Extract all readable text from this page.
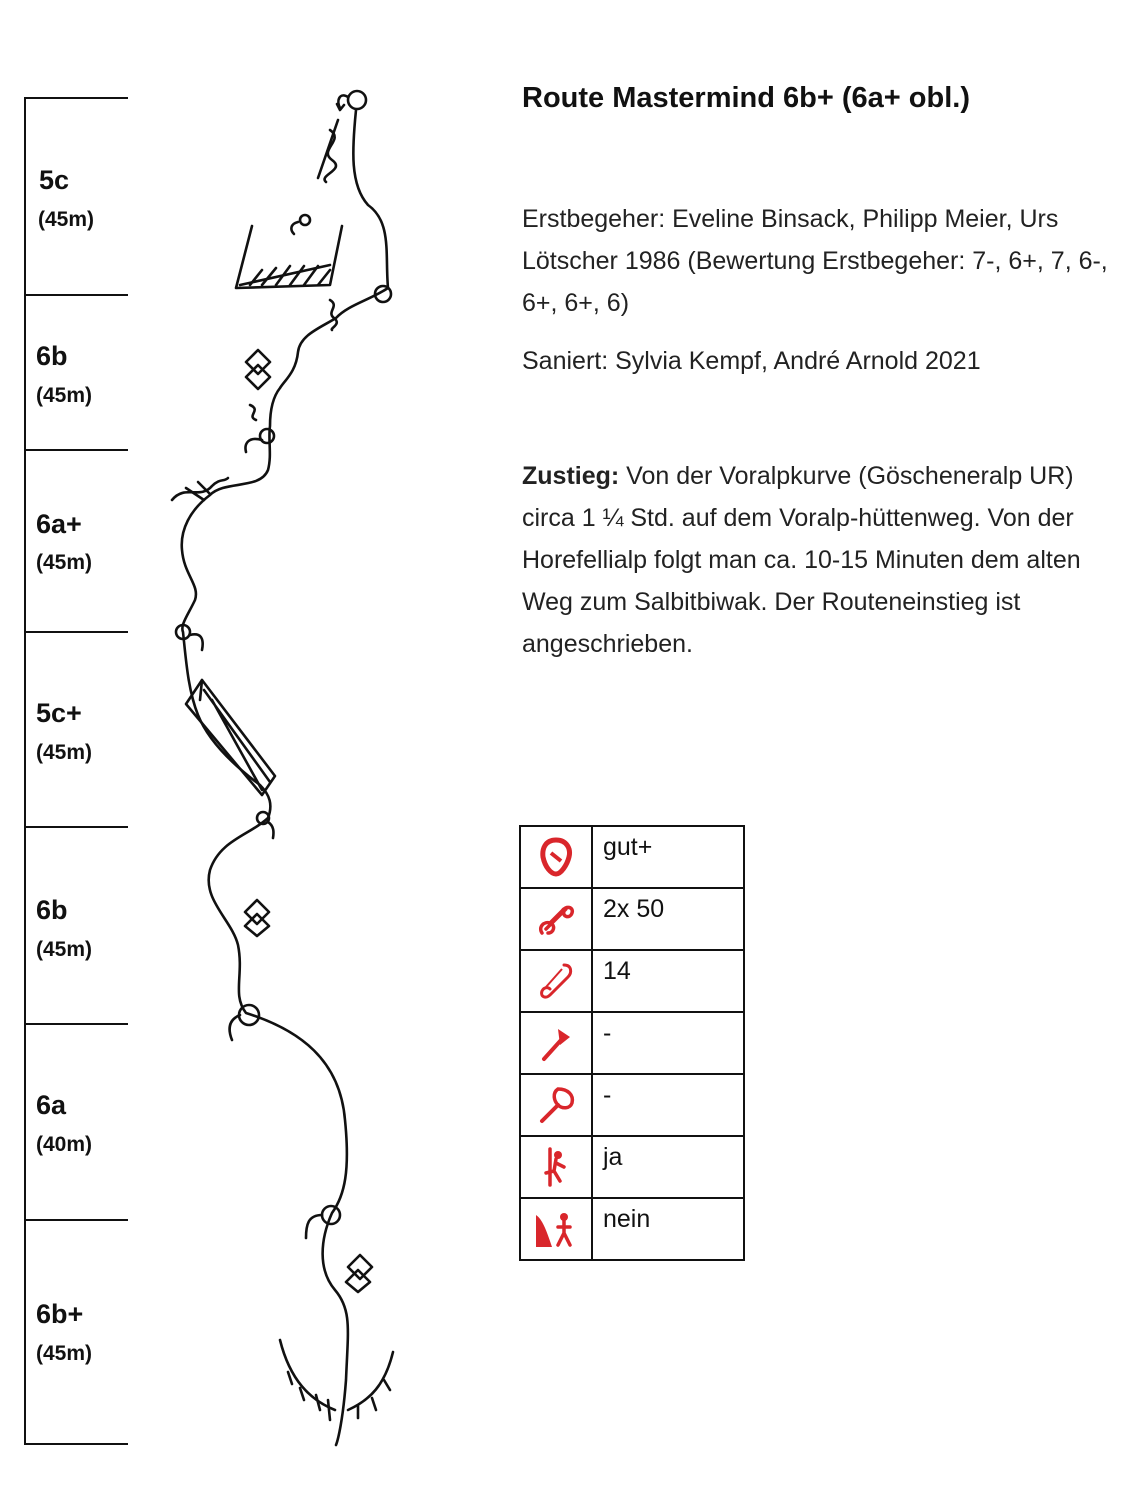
5c
(45m)
6b
(45m)
6a+
(45m)
5c+
(45m)
6b
(45m)
6a
(40m)
6b+
(45m)
Route Mastermind 6b+ (6a+ obl.)
Erstbegeher: Eveline Binsack, Philipp Meier, Urs Lötscher 1986 (Bewertung Erstbegeher: 7-, 6+, 7, 6-, 6+, 6+, 6)
Saniert: Sylvia Kempf, André Arnold 2021
Zustieg: Von der Voralpkurve (Göscheneralp UR) circa 1 ¼ Std. auf dem Voralp-hüttenweg. Von der Horefellialp folgt man ca. 10-15 Minuten dem alten Weg zum Salbitbiwak. Der Routeneinstieg ist angeschrieben.
	gut+

	2x 50

	14

	-

	-

	ja

	nein
